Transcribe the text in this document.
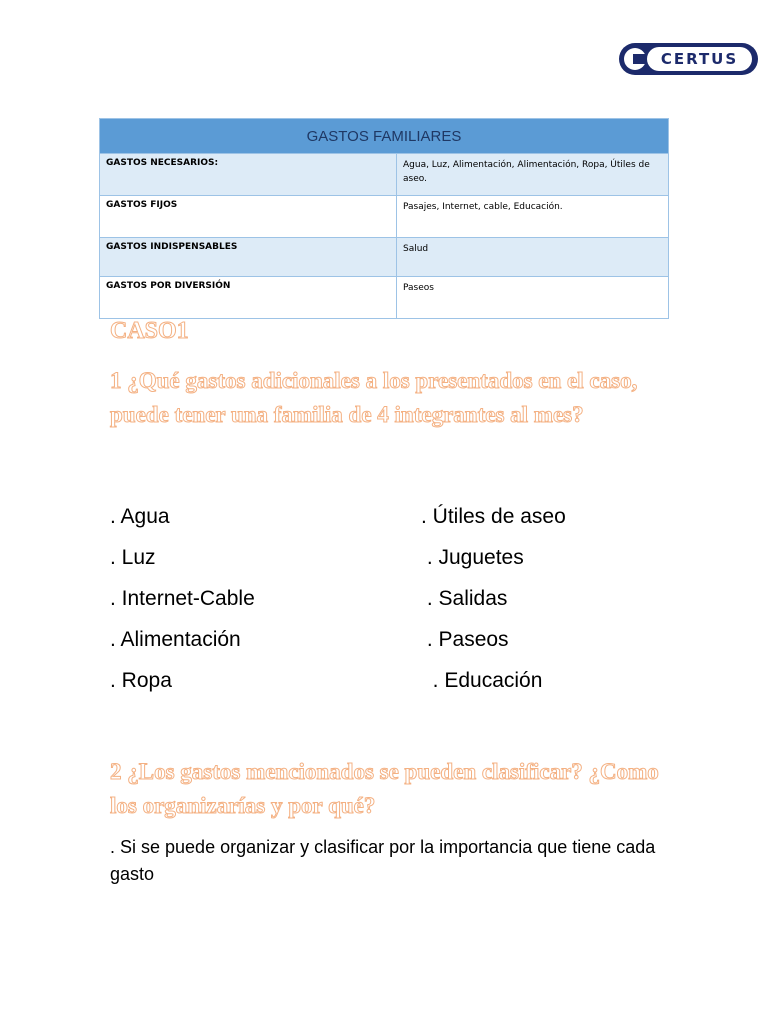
CERTUS
GASTOS FAMILIARES	
GASTOS NECESARIOS:	Agua, Luz, Alimentación, Alimentación, Ropa, Útiles de aseo.
GASTOS FIJOS	Pasajes, Internet, cable, Educación.
GASTOS INDISPENSABLES	Salud
GASTOS POR DIVERSIÓN	Paseos
CASO1
1 ¿Qué gastos adicionales a los presentados en el caso, puede tener una familia de 4 integrantes al mes?
. Agua
. Luz
. Internet-Cable
. Alimentación
. Ropa
. Útiles de aseo
. Juguetes
. Salidas
. Paseos
. Educación
2 ¿Los gastos mencionados se pueden clasificar? ¿Como los organizarías y por qué?
. Si se puede organizar y clasificar por la importancia que tiene cada gasto
